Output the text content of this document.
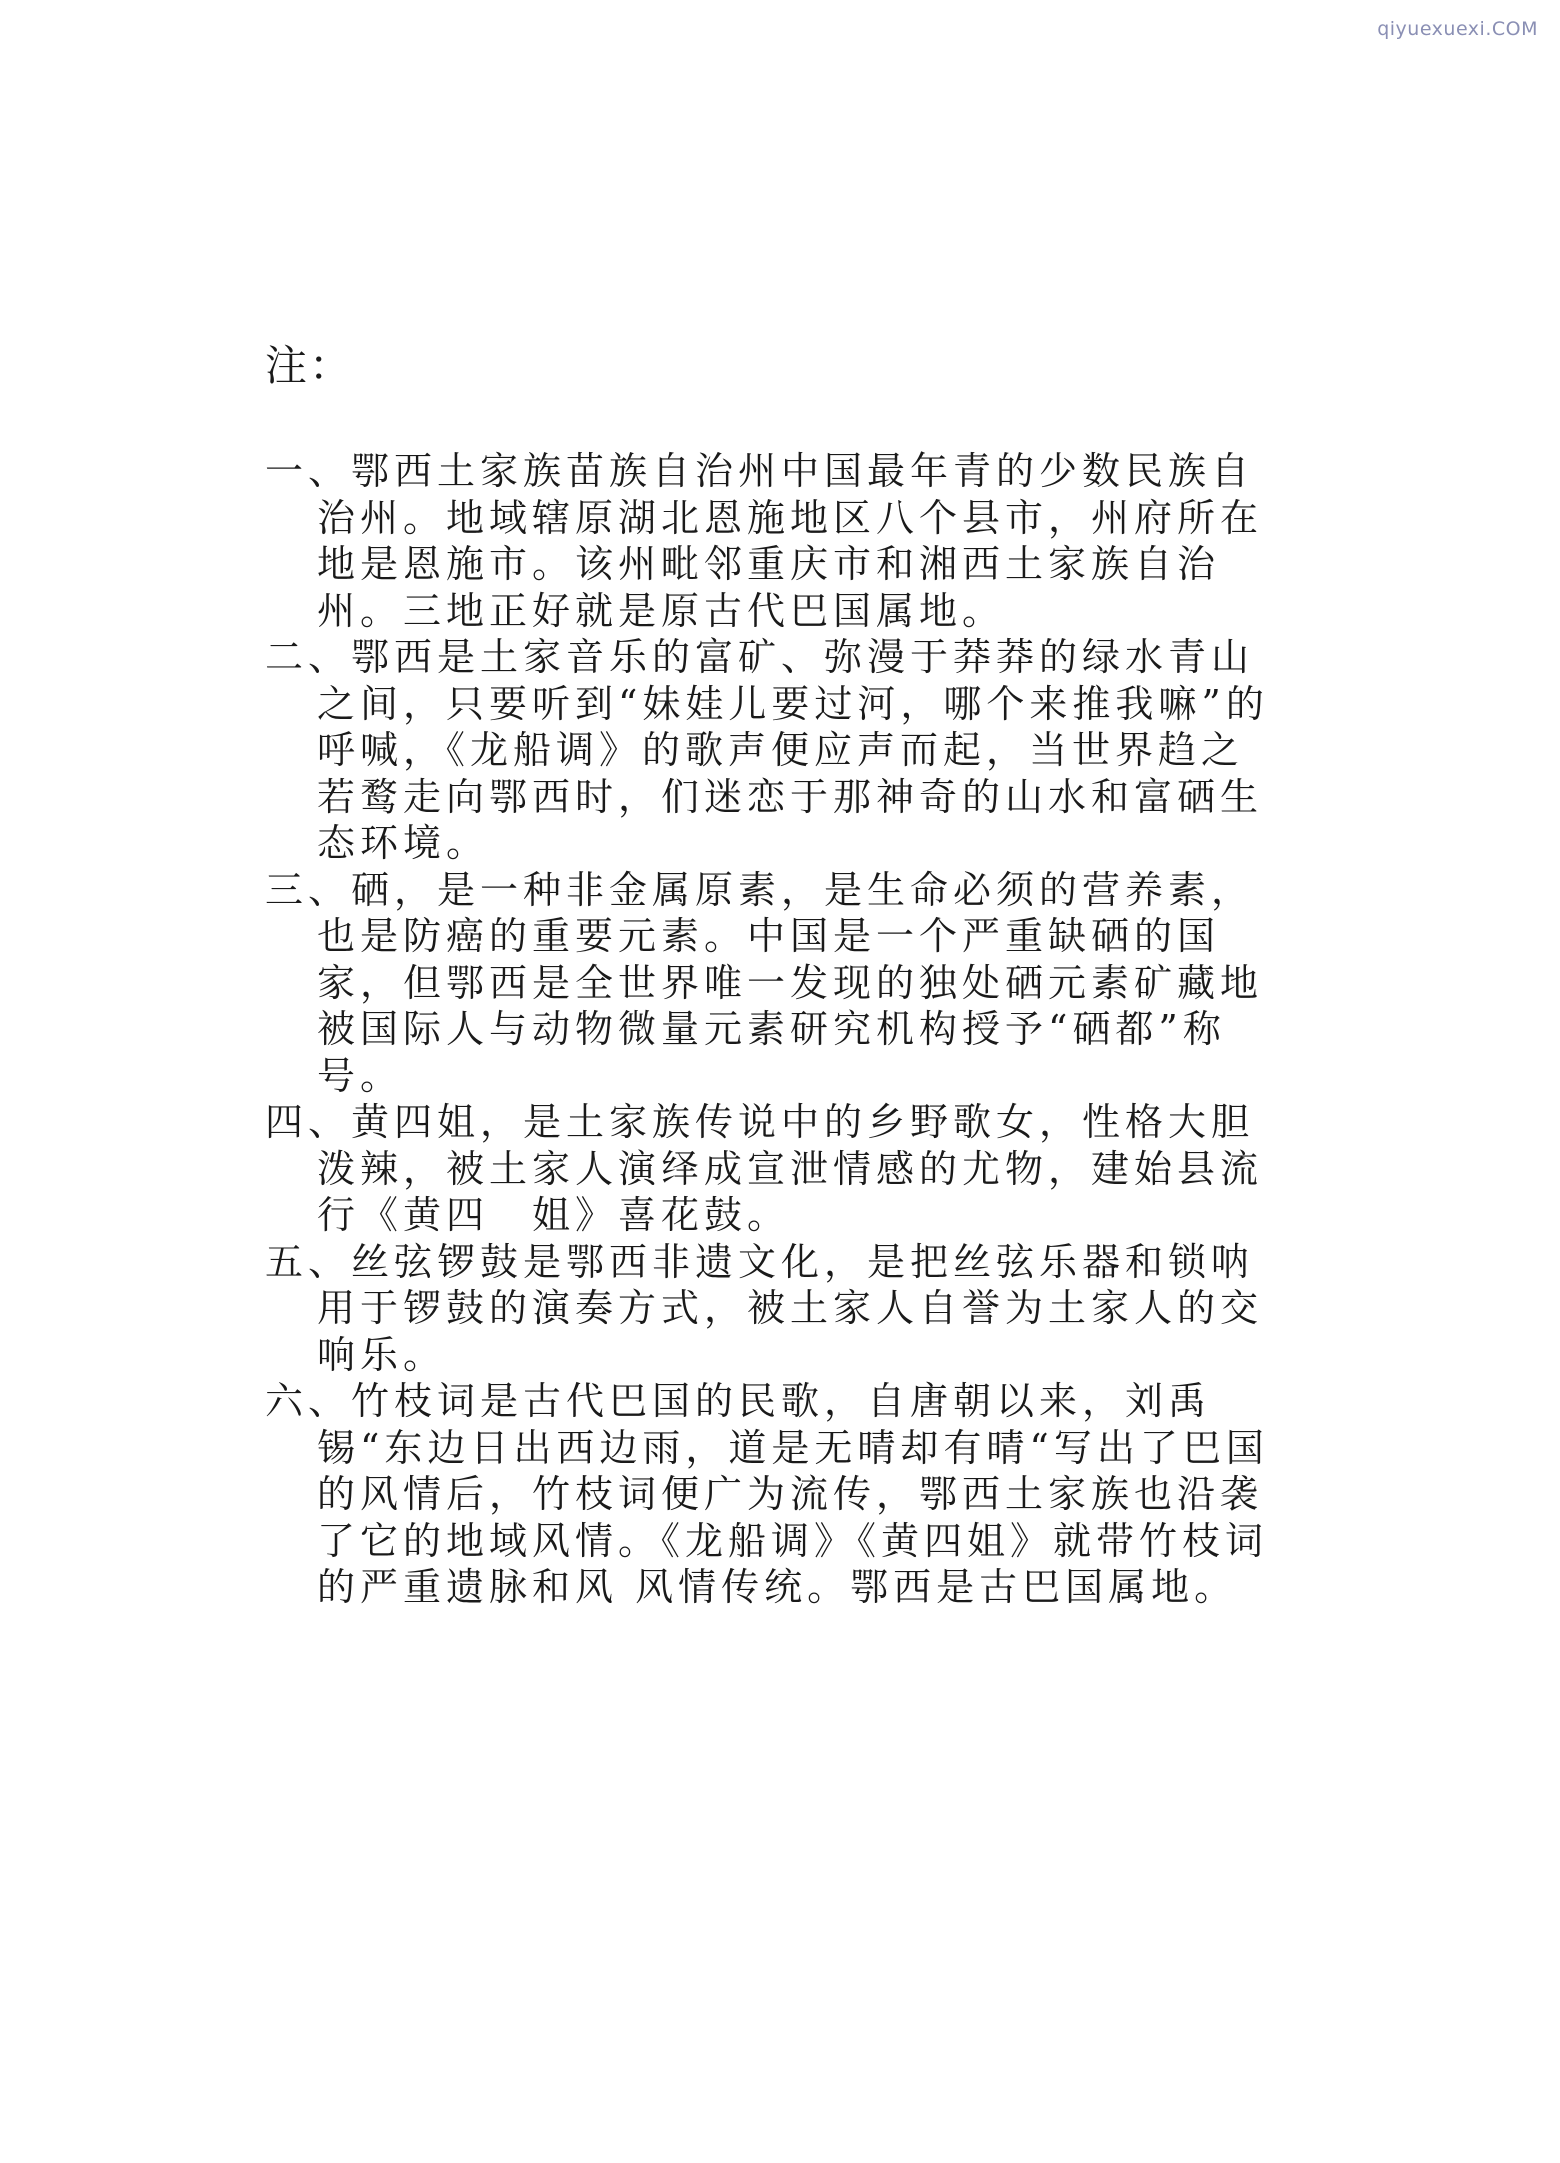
qiyuexuexi.COM
注：
一、 鄂西土家族苗族自治州中国最年青的少数民族自治州。地域辖原湖北恩施地区八个县市，州府所在地是恩施市。该州毗邻重庆市和湘西土家族自治州。三地正好就是原古代巴国属地。
二、 鄂西是土家音乐的富矿、弥漫于莽莽的绿水青山之间，只要听到“妹娃儿要过河，哪个来推我嘛”的呼喊，《龙船调》的歌声便应声而起，当世界趋之若鹜走向鄂西时，们迷恋于那神奇的山水和富硒生态环境。
三、 硒，是一种非金属原素，是生命必须的营养素，也是防癌的重要元素。中国是一个严重缺硒的国家，但鄂西是全世界唯一发现的独处硒元素矿藏地被国际人与动物微量元素研究机构授予“硒都”称号。
四、 黄四姐，是土家族传说中的乡野歌女，性格大胆泼辣，被土家人演绎成宣泄情感的尤物，建始县流行《黄四　姐》喜花鼓。
五、 丝弦锣鼓是鄂西非遗文化，是把丝弦乐器和锁呐用于锣鼓的演奏方式，被土家人自誉为土家人的交响乐。
六、 竹枝词是古代巴国的民歌，自唐朝以来，刘禹锡“东边日出西边雨，道是无晴却有晴“写出了巴国的风情后，竹枝词便广为流传，鄂西土家族也沿袭了它的地域风情。《龙船调》《黄四姐》就带竹枝词的严重遗脉和风 风情传统。鄂西是古巴国属地。
